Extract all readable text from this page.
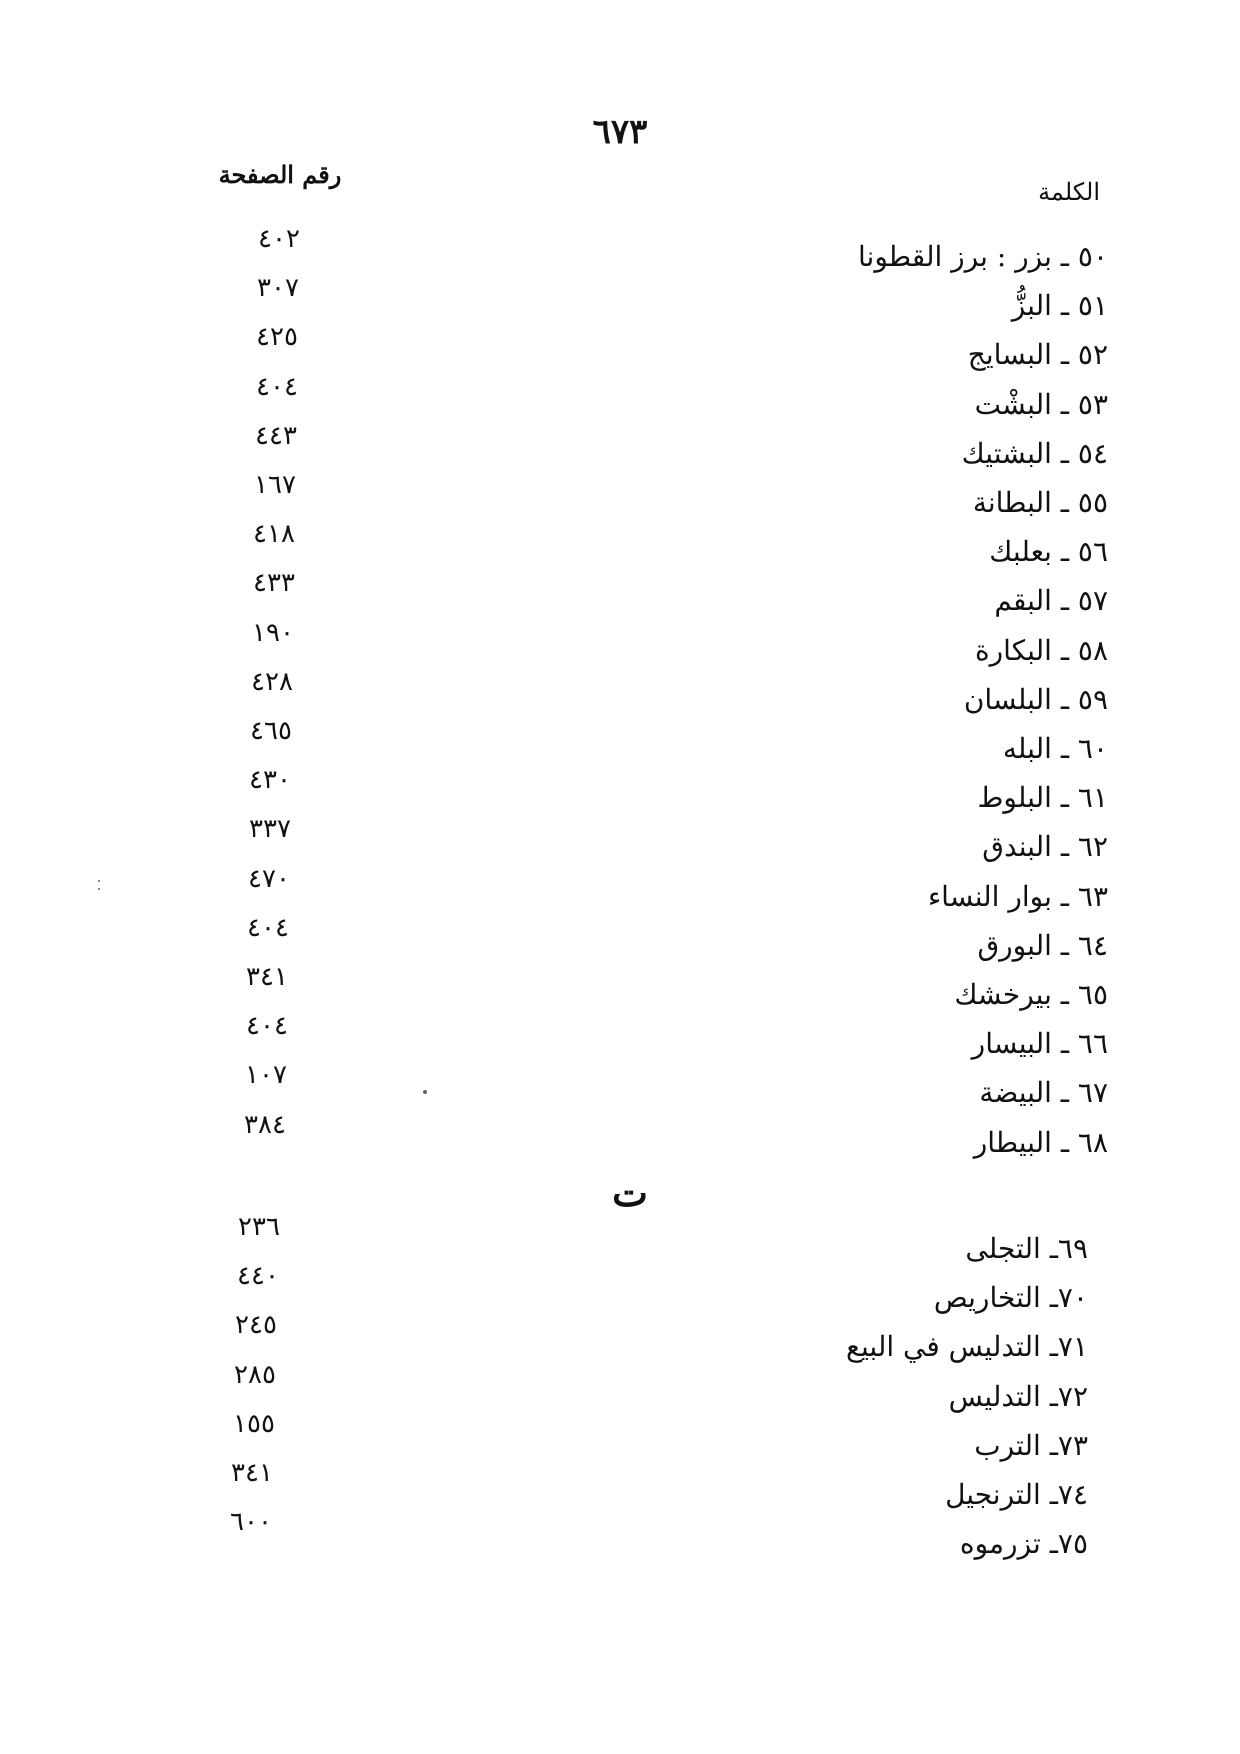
٦٧٣
رقم الصفحة
الكلمة
٥٠ ـ بزر : برز القطونا
٤٠٢
٥١ ـ البزُّ
٣٠٧
٥٢ ـ البسايج
٤٢٥
٥٣ ـ البشْت
٤٠٤
٥٤ ـ البشتيك
٤٤٣
٥٥ ـ البطانة
١٦٧
٥٦ ـ بعلبك
٤١٨
٥٧ ـ البقم
٤٣٣
٥٨ ـ البكارة
١٩٠
٥٩ ـ البلسان
٤٢٨
٦٠ ـ البله
٤٦٥
٦١ ـ البلوط
٤٣٠
٦٢ ـ البندق
٣٣٧
٦٣ ـ بوار النساء
٤٧٠
٦٤ ـ البورق
٤٠٤
٦٥ ـ بيرخشك
٣٤١
٦٦ ـ البيسار
٤٠٤
٦٧ ـ البيضة
١٠٧
٦٨ ـ البيطار
٣٨٤
ت
٦٩ـ التجلى
٢٣٦
٧٠ـ التخاريص
٤٤٠
٧١ـ التدليس في البيع
٢٤٥
٧٢ـ التدليس
٢٨٥
٧٣ـ الترب
١٥٥
٧٤ـ الترنجيل
٣٤١
٧٥ـ تزرموه
٦٠٠
